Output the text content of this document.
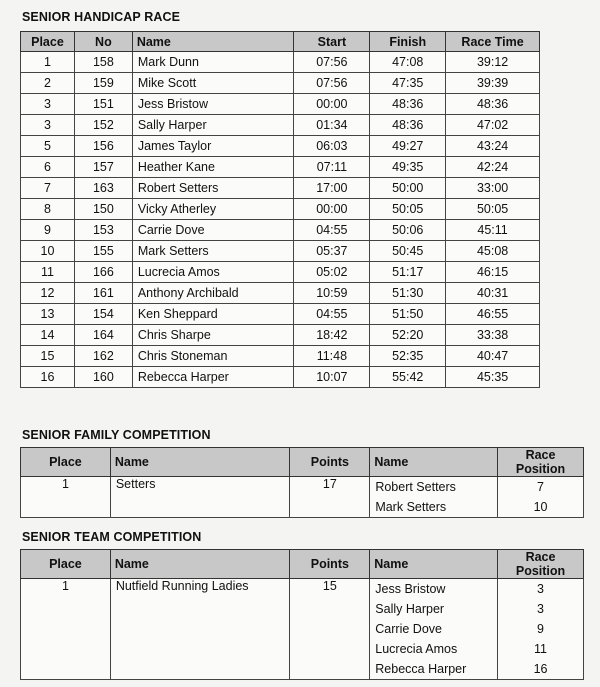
SENIOR HANDICAP RACE
Place	No	Name	Start	Finish	Race Time
1	158	Mark Dunn	07:56	47:08	39:12
2	159	Mike Scott	07:56	47:35	39:39
3	151	Jess Bristow	00:00	48:36	48:36
3	152	Sally Harper	01:34	48:36	47:02
5	156	James Taylor	06:03	49:27	43:24
6	157	Heather Kane	07:11	49:35	42:24
7	163	Robert Setters	17:00	50:00	33:00
8	150	Vicky Atherley	00:00	50:05	50:05
9	153	Carrie Dove	04:55	50:06	45:11
10	155	Mark Setters	05:37	50:45	45:08
11	166	Lucrecia Amos	05:02	51:17	46:15
12	161	Anthony Archibald	10:59	51:30	40:31
13	154	Ken Sheppard	04:55	51:50	46:55
14	164	Chris Sharpe	18:42	52:20	33:38
15	162	Chris Stoneman	11:48	52:35	40:47
16	160	Rebecca Harper	10:07	55:42	45:35
SENIOR FAMILY COMPETITION
Place	Name	Points	Name	Race Position
1	Setters	17	Robert Setters	7
			Mark Setters	10
SENIOR TEAM COMPETITION
Place	Name	Points	Name	Race Position
1	Nutfield Running Ladies	15	Jess Bristow	3
			Sally Harper	3
			Carrie Dove	9
			Lucrecia Amos	11
			Rebecca Harper	16
